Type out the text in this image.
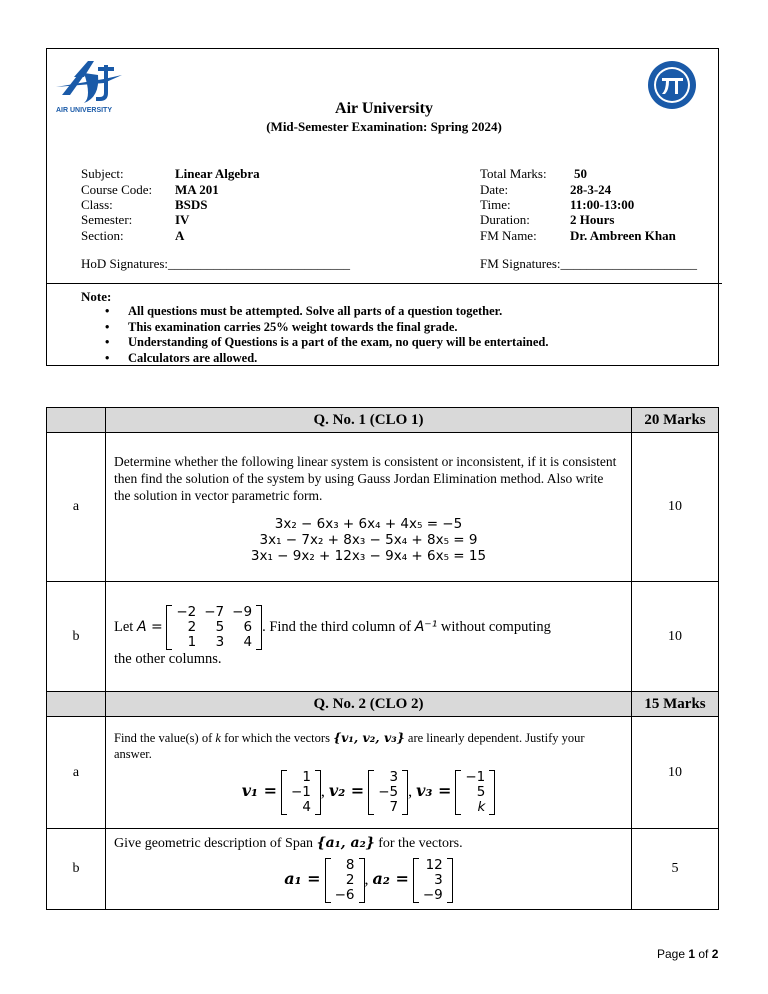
AIR UNIVERSITY	Air University
(Mid-Semester Examination: Spring 2024)
Subject:	Linear Algebra
Course Code: MA 201
Class:	BSDS
Semester:	IV
Section:	A
Total Marks: 50
Date:	28-3-24
Time:	11:00-13:00
Duration:	2 Hours
FM Name:	Dr. Ambreen Khan
HoD Signatures:____________________________	FM Signatures:_____________________
Note:
• All questions must be attempted. Solve all parts of a question together.
• This examination carries 25% weight towards the final grade.
• Understanding of Questions is a part of the exam, no query will be entertained.
• Calculators are allowed.
	Q. No. 1 (CLO 1)	20 Marks
a	
Determine whether the following linear system is consistent or inconsistent, if it is consistent then find the solution of the system by using Gauss Jordan Elimination method. Also write the solution in vector parametric form.
3x₂ − 6x₃ + 6x₄ + 4x₅ = −5
3x₁ − 7x₂ + 8x₃ − 5x₄ + 8x₅ = 9
3x₁ − 9x₂ + 12x₃ − 9x₄ + 6x₅ = 15
	10
b	
Let A =
−2	−7	−9
2	5	6
1	3	4
. Find the third column of A⁻¹ without computing
the other columns.
	10
	Q. No. 2 (CLO 2)	15 Marks
a	
Find the value(s) of k for which the vectors {v₁, v₂, v₃} are linearly dependent. Justify your answer.
v₁ =
1
−1
4
, v₂ =
3
−5
7
, v₃ =
−1
5
k
	10
b	
Give geometric description of Span {a₁, a₂} for the vectors.
a₁ =
8
2
−6
, a₂ =
12
3
−9
	5
Page 1 of 2
